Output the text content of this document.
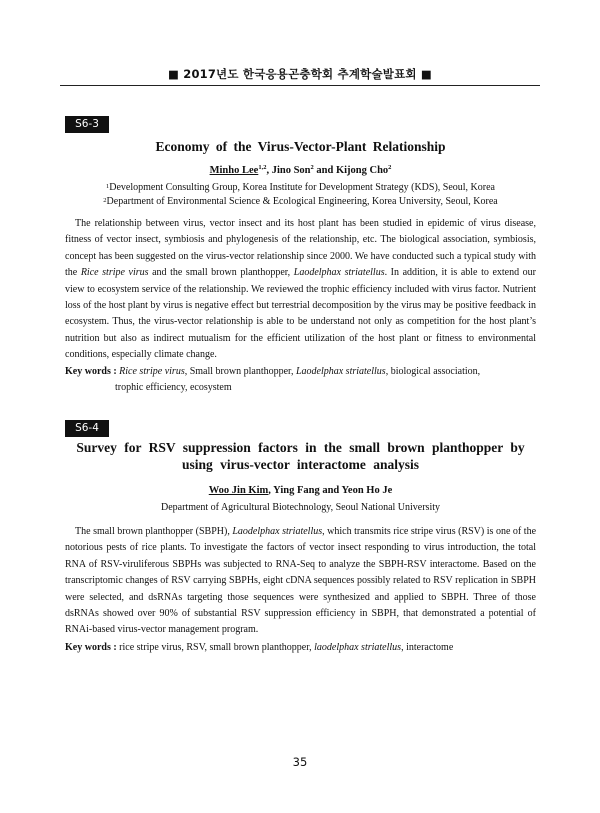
■ 2017년도 한국응용곤충학회 추계학술발표회 ■
S6-3
Economy of the Virus-Vector-Plant Relationship
Minho Lee$^{1,2}$, Jino Son$^2$ and Kijong Cho$^2$
$^1$Development Consulting Group, Korea Institute for Development Strategy (KDS), Seoul, Korea
$^2$Department of Environmental Science & Ecological Engineering, Korea University, Seoul, Korea
The relationship between virus, vector insect and its host plant has been studied in epidemic of virus disease, fitness of vector insect, symbiosis and phylogenesis of the relationship, etc. The biological association, symbiosis, concept has been suggested on the virus-vector relationship since 2000. We have conducted such a typical study with the Rice stripe virus and the small brown planthopper, Laodelphax striatellus. In addition, it is able to extend our view to ecosystem service of the relationship. We reviewed the trophic efficiency included with virus factor. Nutrient loss of the host plant by virus is negative effect but terrestrial decomposition by the virus may be positive feedback in ecosystem. Thus, the virus-vector relationship is able to be understand not only as competition for the host plant’s nutrition but also as indirect mutualism for the efficient utilization of the host plant or fitness to environmental conditions, especially climate change.
Key words : Rice stripe virus, Small brown planthopper, Laodelphax striatellus, biological association,
trophic efficiency, ecosystem
S6-4
Survey for RSV suppression factors in the small brown planthopper by using virus-vector interactome analysis
Woo Jin Kim, Ying Fang and Yeon Ho Je
Department of Agricultural Biotechnology, Seoul National University
The small brown planthopper (SBPH), Laodelphax striatellus, which transmits rice stripe virus (RSV) is one of the notorious pests of rice plants. To investigate the factors of vector insect responding to virus introduction, the total RNA of RSV-viruliferous SBPHs was subjected to RNA-Seq to analyze the SBPH-RSV interactome. Based on the transcriptomic changes of RSV carrying SBPHs, eight cDNA sequences possibly related to RSV replication in SBPH were selected, and dsRNAs targeting those sequences were synthesized and applied to SBPH. Three of those dsRNAs showed over 90% of substantial RSV suppression efficiency in SBPH, that demonstrated a potential of RNAi-based virus-vector management program.
Key words : rice stripe virus, RSV, small brown planthopper, laodelphax striatellus, interactome
35
